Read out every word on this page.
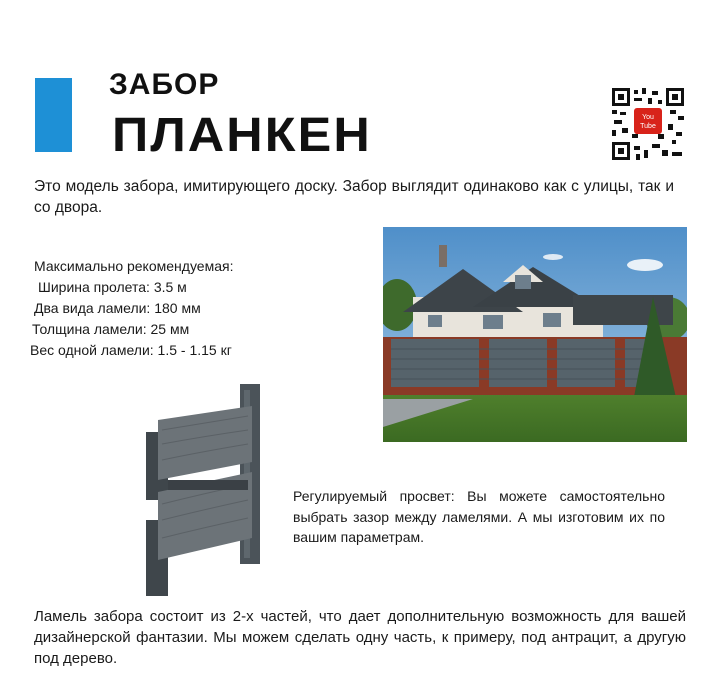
ЗАБОР
ПЛАНКЕН	You
Tube
Это модель забора, имитирующего доску. Забор выглядит одинаково как с улицы, так и со двора.
Максимально рекомендуемая:
Ширина пролета: 3.5 м
Два вида ламели: 180 мм
Толщина ламели: 25 мм
Вес одной ламели: 1.5 - 1.15 кг
Регулируемый просвет: Вы можете самостоятельно выбрать зазор между ламелями. А мы изготовим их по вашим параметрам.
Ламель забора состоит из 2-х частей, что дает дополнительную возможность для вашей дизайнерской фантазии. Мы можем сделать одну часть, к примеру, под антрацит, а другую под дерево.
